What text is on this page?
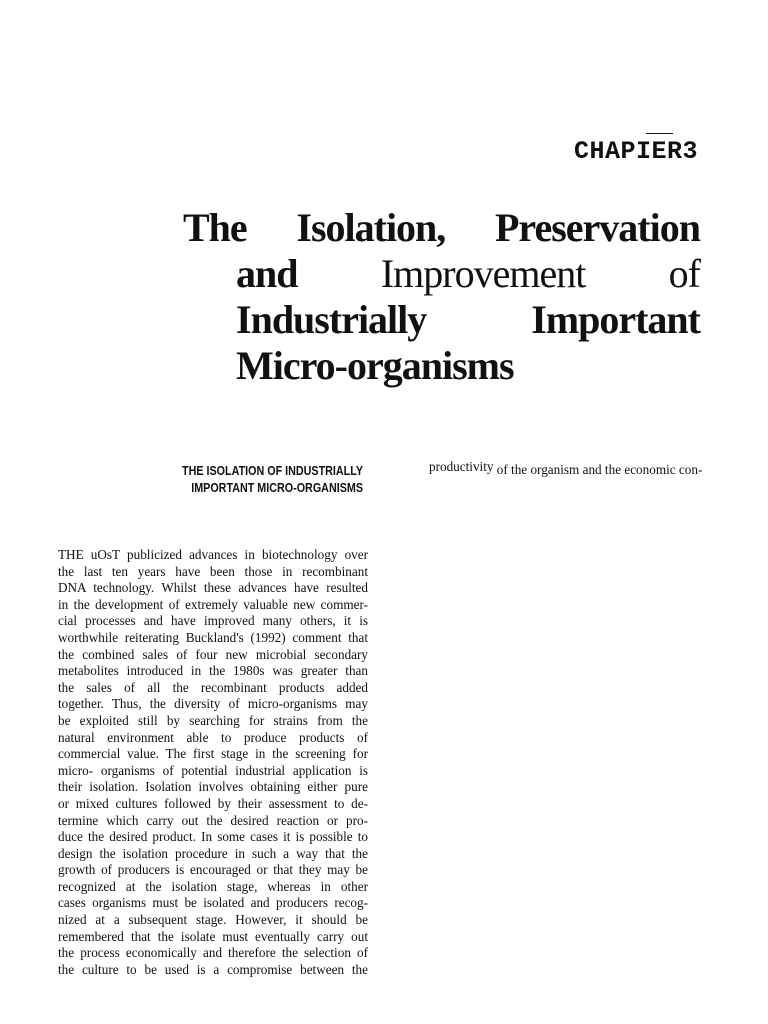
CHAPIER3
The Isolation, Preservation
and Improvement of
Industrially	Important
Micro-organisms
THE ISOLATION OF INDUSTRIALLY
IMPORTANT MICRO-ORGANISMS
THE uOsT publicized advances in biotechnology over
the last ten years have been those in recombinant
DNA technology. Whilst these advances have resulted
in the development of extremely valuable new commer-
cial processes and have improved many others, it is
worthwhile reiterating Buckland's (1992) comment that
the combined sales of four new microbial secondary
metabolites introduced in the 1980s was greater than
the sales of all the recombinant products added
together. Thus, the diversity of micro-organisms may
be exploited still by searching for strains from the
natural environment able to produce products of
commercial value. The first stage in the screening for
micro- organisms of potential industrial application is
their isolation. Isolation involves obtaining either pure
or mixed cultures followed by their assessment to de-
termine which carry out the desired reaction or pro-
duce the desired product. In some cases it is possible to
design the isolation procedure in such a way that the
growth of producers is encouraged or that they may be
recognized at the isolation stage, whereas in other
cases organisms must be isolated and producers recog-
nized at a subsequent stage. However, it should be
remembered that the isolate must eventually carry out
the process economically and therefore the selection of
the culture to be used is a compromise between the
productivity of the organism and the economic con-
